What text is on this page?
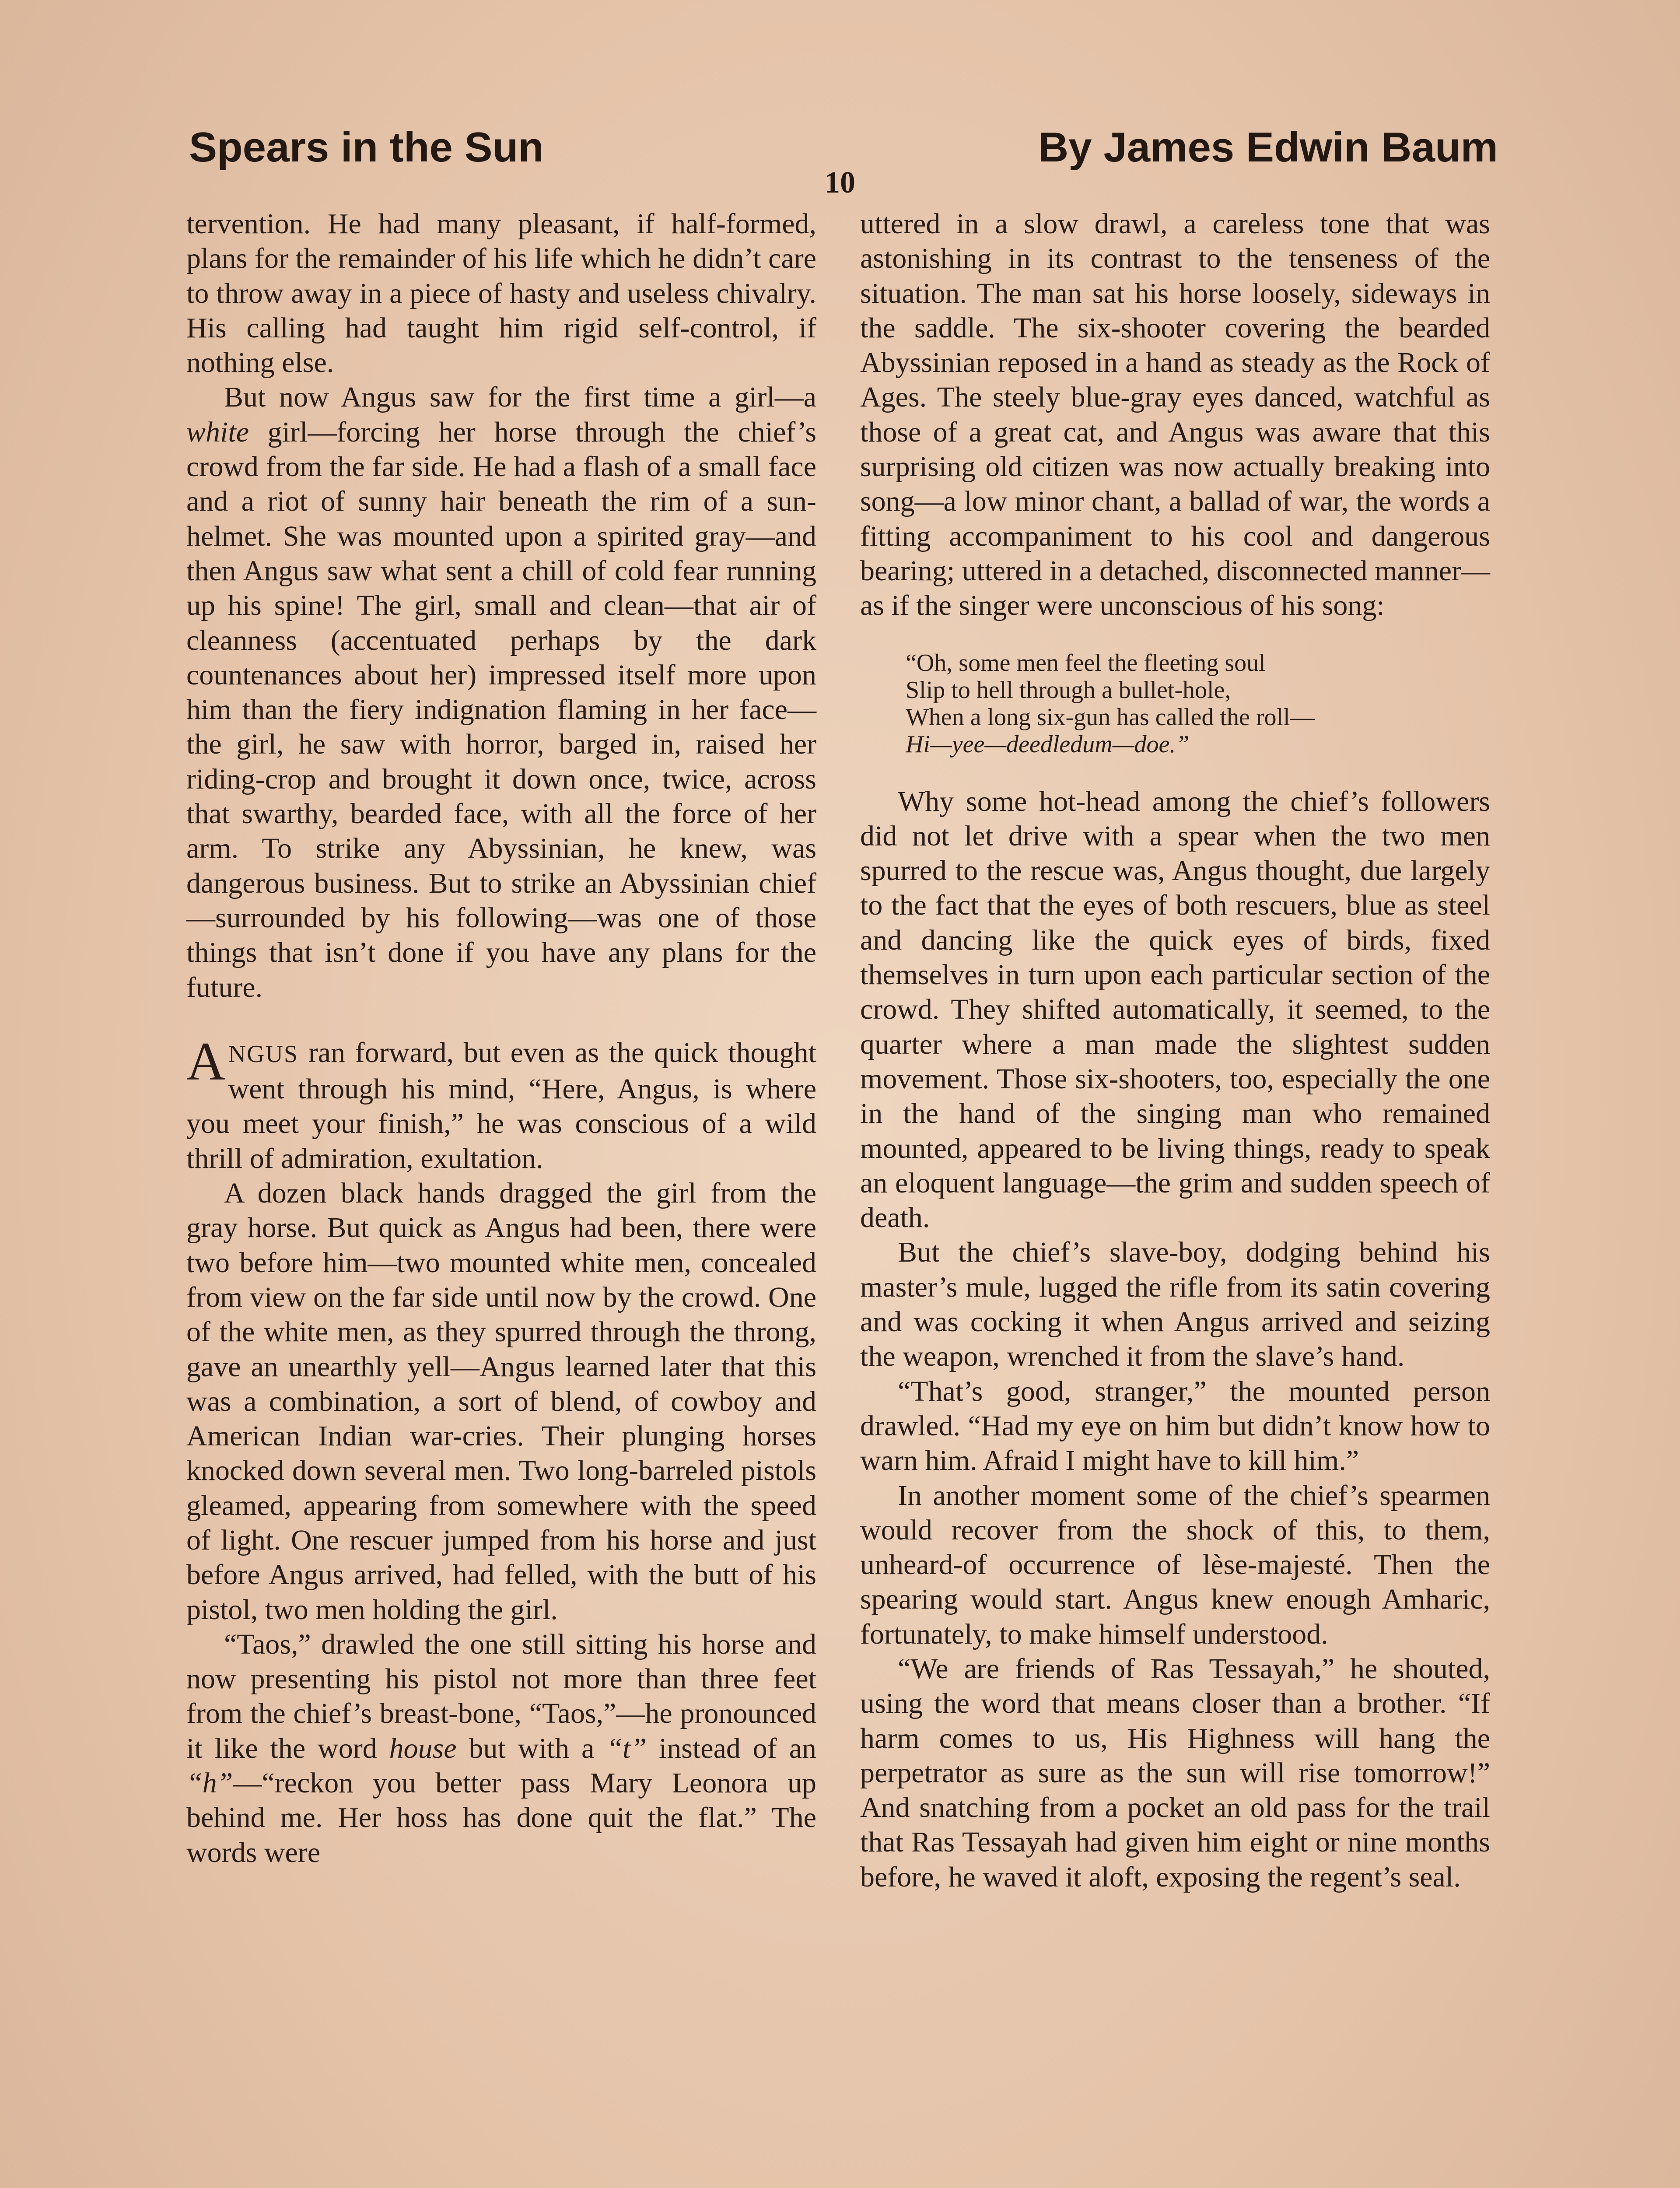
Spears in the Sun	By James Edwin Baum
10

tervention. He had many pleasant, if half-formed, plans for the remainder of his life which he didn’t care to throw away in a piece of hasty and useless chivalry. His calling had taught him rigid self-control, if nothing else.

But now Angus saw for the first time a girl—a white girl—forcing her horse through the chief’s crowd from the far side. He had a flash of a small face and a riot of sunny hair beneath the rim of a sun-helmet. She was mounted upon a spirited gray—and then Angus saw what sent a chill of cold fear running up his spine! The girl, small and clean—that air of cleanness (accentuated perhaps by the dark countenances about her) impressed itself more upon him than the fiery indignation flaming in her face—the girl, he saw with horror, barged in, raised her riding-crop and brought it down once, twice, across that swarthy, bearded face, with all the force of her arm. To strike any Abyssinian, he knew, was dangerous business. But to strike an Abyssinian chief—surrounded by his following—was one of those things that isn’t done if you have any plans for the future.

ANGUS ran forward, but even as the quick thought went through his mind, “Here, Angus, is where you meet your finish,” he was conscious of a wild thrill of admiration, exultation.

A dozen black hands dragged the girl from the gray horse. But quick as Angus had been, there were two before him—two mounted white men, concealed from view on the far side until now by the crowd. One of the white men, as they spurred through the throng, gave an unearthly yell—Angus learned later that this was a combination, a sort of blend, of cowboy and American Indian war-cries. Their plunging horses knocked down several men. Two long-barreled pistols gleamed, appearing from somewhere with the speed of light. One rescuer jumped from his horse and just before Angus arrived, had felled, with the butt of his pistol, two men holding the girl.

“Taos,” drawled the one still sitting his horse and now presenting his pistol not more than three feet from the chief’s breast-bone, “Taos,”—he pronounced it like the word house but with a “t” instead of an “h”—“reckon you better pass Mary Leonora up behind me. Her hoss has done quit the flat.” The words were

uttered in a slow drawl, a careless tone that was astonishing in its contrast to the tenseness of the situation. The man sat his horse loosely, sideways in the saddle. The six-shooter covering the bearded Abyssinian reposed in a hand as steady as the Rock of Ages. The steely blue-gray eyes danced, watchful as those of a great cat, and Angus was aware that this surprising old citizen was now actually breaking into song—a low minor chant, a ballad of war, the words a fitting accompaniment to his cool and dangerous bearing; uttered in a detached, disconnected manner—as if the singer were unconscious of his song:

“Oh, some men feel the fleeting soul
Slip to hell through a bullet-hole,
When a long six-gun has called the roll—
Hi—yee—deedledum—doe.”

Why some hot-head among the chief’s followers did not let drive with a spear when the two men spurred to the rescue was, Angus thought, due largely to the fact that the eyes of both rescuers, blue as steel and dancing like the quick eyes of birds, fixed themselves in turn upon each particular section of the crowd. They shifted automatically, it seemed, to the quarter where a man made the slightest sudden movement. Those six-shooters, too, especially the one in the hand of the singing man who remained mounted, appeared to be living things, ready to speak an eloquent language—the grim and sudden speech of death.

But the chief’s slave-boy, dodging behind his master’s mule, lugged the rifle from its satin covering and was cocking it when Angus arrived and seizing the weapon, wrenched it from the slave’s hand.

“That’s good, stranger,” the mounted person drawled. “Had my eye on him but didn’t know how to warn him. Afraid I might have to kill him.”

In another moment some of the chief’s spearmen would recover from the shock of this, to them, unheard-of occurrence of lèse-majesté. Then the spearing would start. Angus knew enough Amharic, fortunately, to make himself understood.

“We are friends of Ras Tessayah,” he shouted, using the word that means closer than a brother. “If harm comes to us, His Highness will hang the perpetrator as sure as the sun will rise tomorrow!” And snatching from a pocket an old pass for the trail that Ras Tessayah had given him eight or nine months before, he waved it aloft, exposing the regent’s seal.
